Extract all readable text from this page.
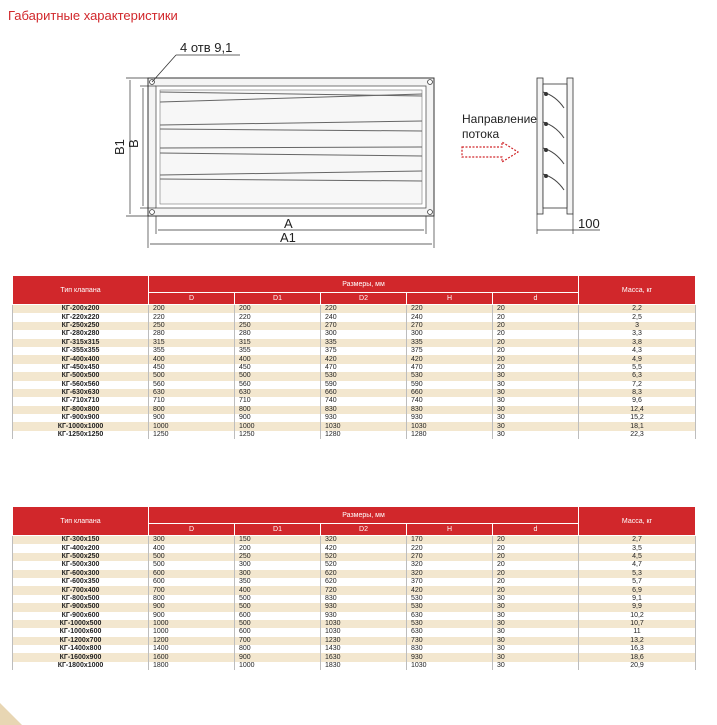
Габаритные характеристики
4 отв 9,1
B1 B
A
A1
Направление
потока
100
Тип клапана	Размеры, мм					Масса, кг
	D	D1	D2	H	d	
КГ-200х200	200	200	220	220	20	2,2
КГ-220х220	220	220	240	240	20	2,5
КГ-250х250	250	250	270	270	20	3
КГ-280х280	280	280	300	300	20	3,3
КГ-315х315	315	315	335	335	20	3,8
КГ-355х355	355	355	375	375	20	4,3
КГ-400х400	400	400	420	420	20	4,9
КГ-450х450	450	450	470	470	20	5,5
КГ-500х500	500	500	530	530	30	6,3
КГ-560х560	560	560	590	590	30	7,2
КГ-630х630	630	630	660	660	30	8,3
КГ-710х710	710	710	740	740	30	9,6
КГ-800х800	800	800	830	830	30	12,4
КГ-900х900	900	900	930	930	30	15,2
КГ-1000х1000	1000	1000	1030	1030	30	18,1
КГ-1250х1250	1250	1250	1280	1280	30	22,3
Тип клапана	Размеры, мм					Масса, кг
	D	D1	D2	H	d	
КГ-300х150	300	150	320	170	20	2,7
КГ-400х200	400	200	420	220	20	3,5
КГ-500х250	500	250	520	270	20	4,5
КГ-500х300	500	300	520	320	20	4,7
КГ-600х300	600	300	620	320	20	5,3
КГ-600х350	600	350	620	370	20	5,7
КГ-700х400	700	400	720	420	20	6,9
КГ-800х500	800	500	830	530	30	9,1
КГ-900х500	900	500	930	530	30	9,9
КГ-900х600	900	600	930	630	30	10,2
КГ-1000х500	1000	500	1030	530	30	10,7
КГ-1000х600	1000	600	1030	630	30	11
КГ-1200х700	1200	700	1230	730	30	13,2
КГ-1400х800	1400	800	1430	830	30	16,3
КГ-1600х900	1600	900	1630	930	30	18,6
КГ-1800х1000	1800	1000	1830	1030	30	20,9
